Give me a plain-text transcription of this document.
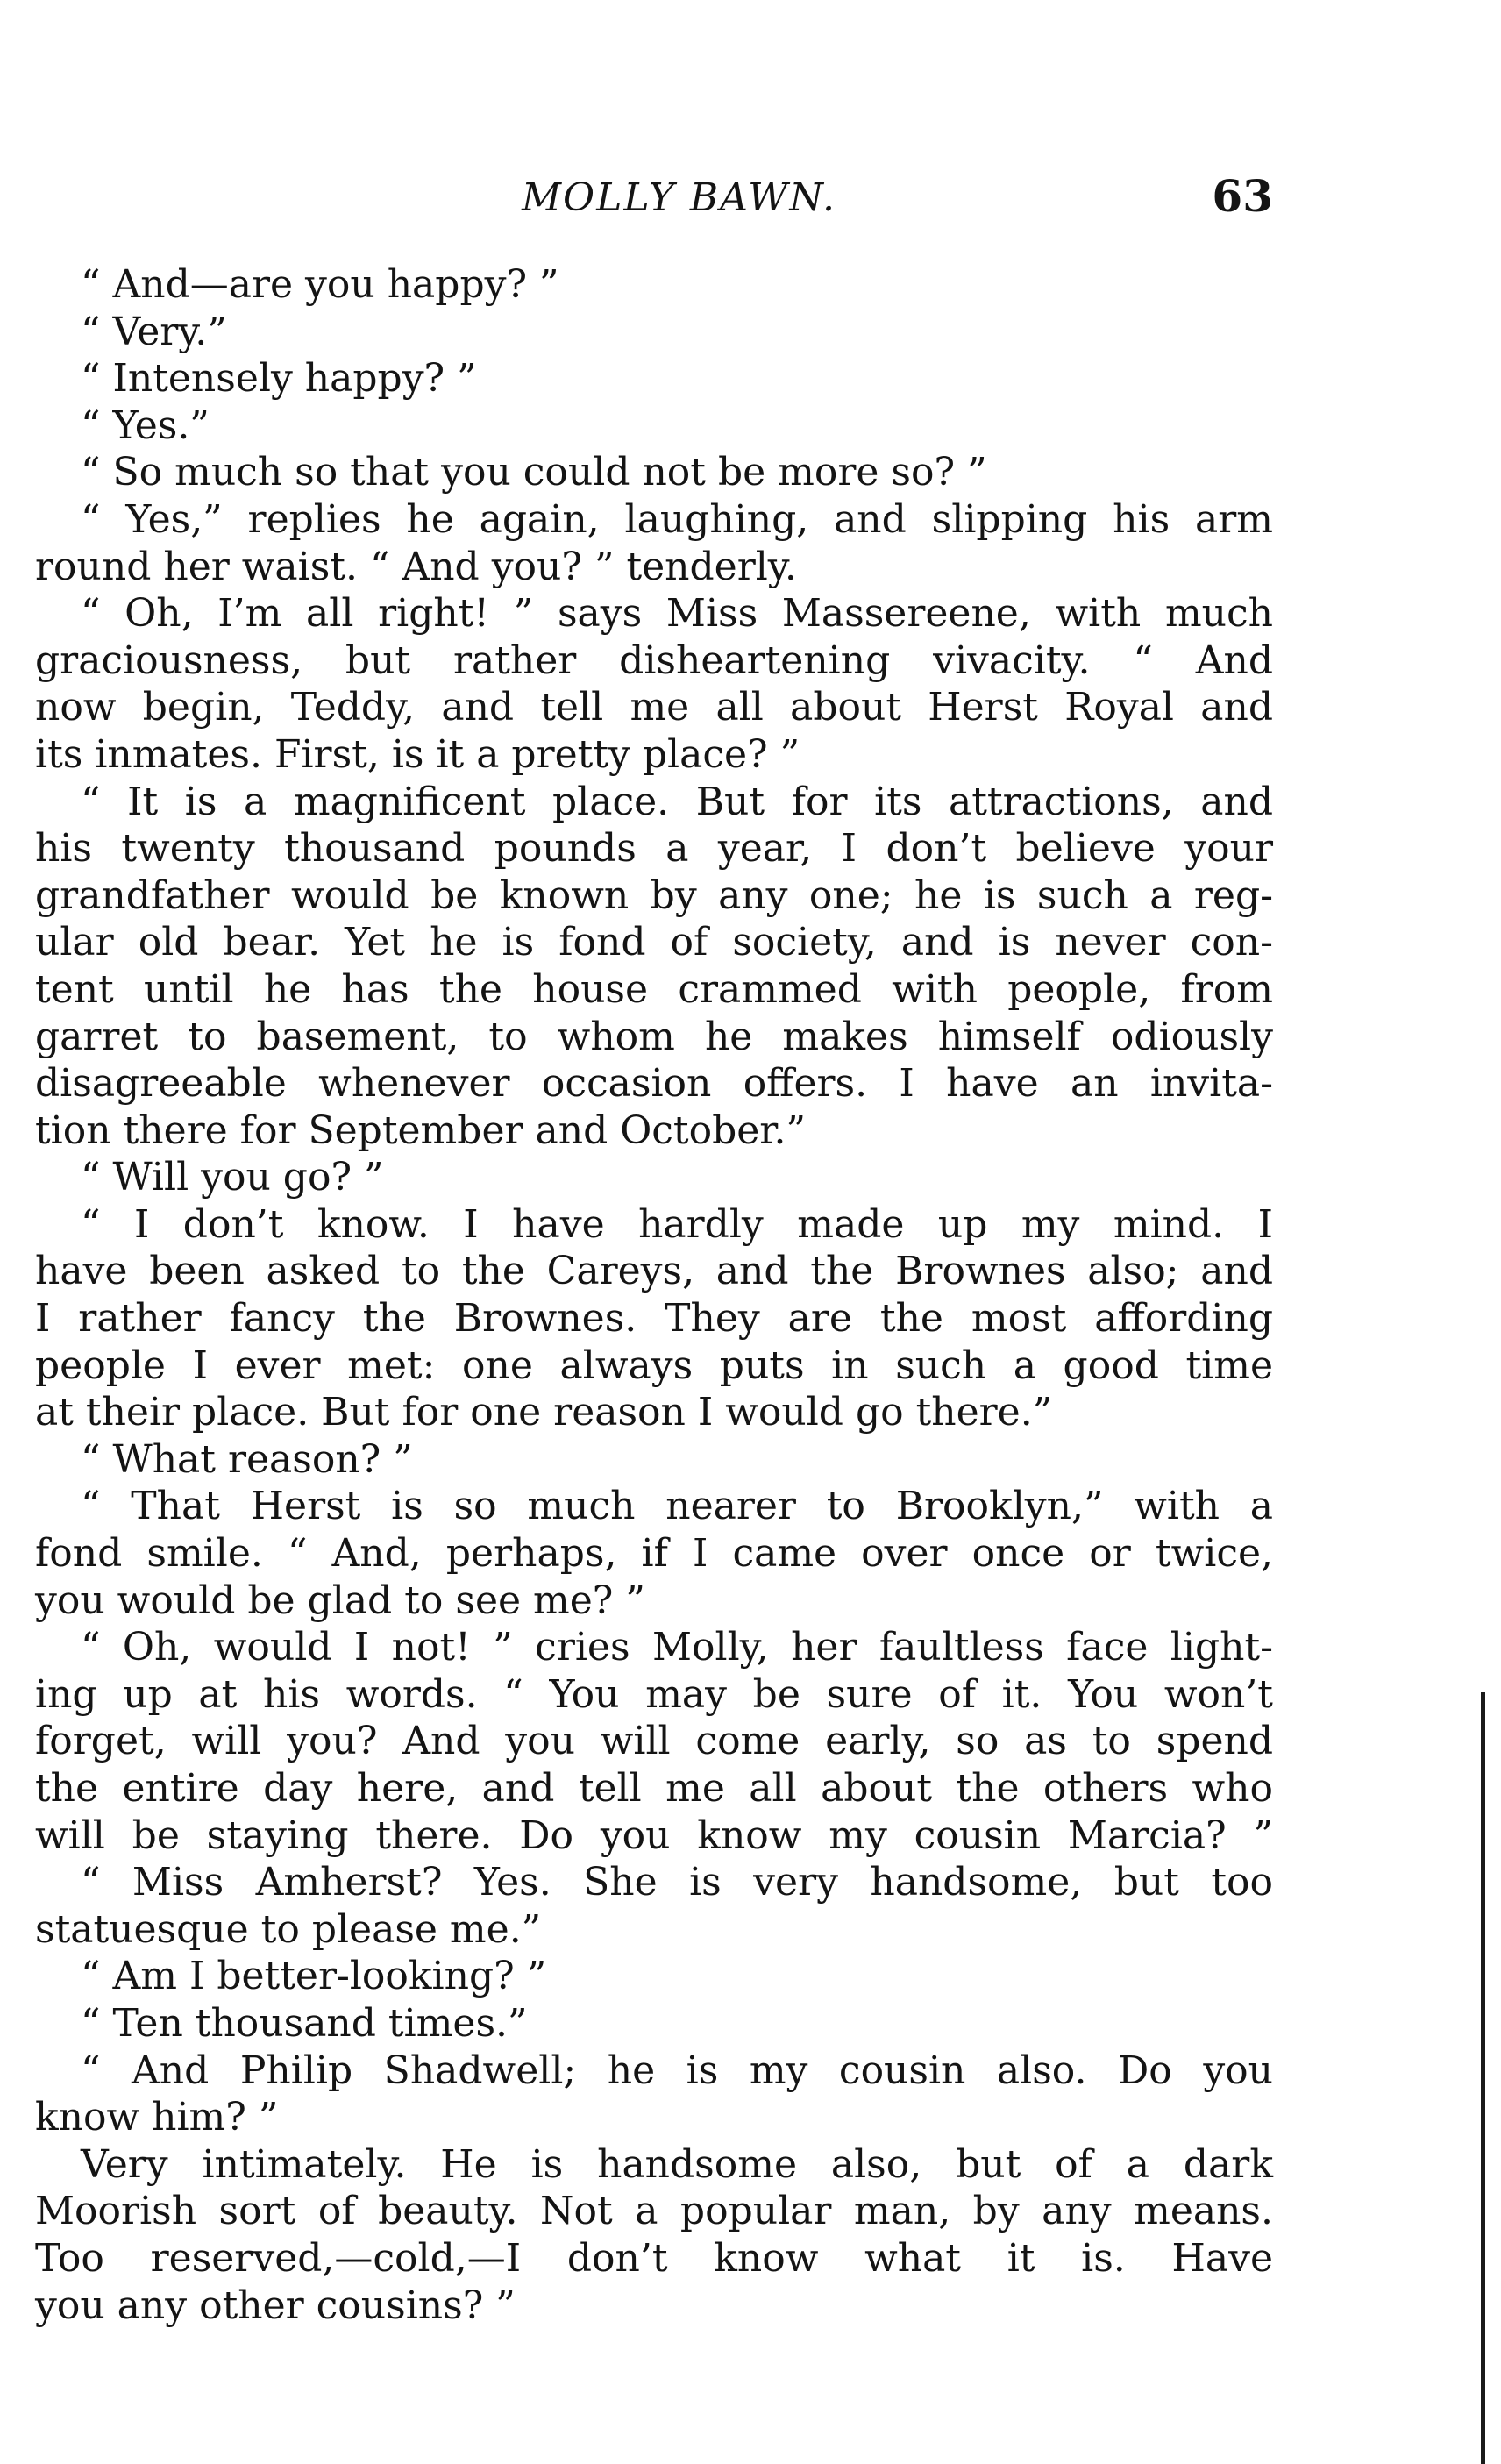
MOLLY BAWN.	63
“ And—are you happy? ”
“ Very.”
“ Intensely happy? ”
“ Yes.”
“ So much so that you could not be more so? ”
“ Yes,” replies he again, laughing, and slipping his arm
round her waist. “ And you? ” tenderly.
“ Oh, I’m all right! ” says Miss Massereene, with much
graciousness, but rather disheartening vivacity. “ And
now begin, Teddy, and tell me all about Herst Royal and
its inmates. First, is it a pretty place? ”
“ It is a magnificent place. But for its attractions, and
his twenty thousand pounds a year, I don’t believe your
grandfather would be known by any one; he is such a reg-
ular old bear. Yet he is fond of society, and is never con-
tent until he has the house crammed with people, from
garret to basement, to whom he makes himself odiously
disagreeable whenever occasion offers. I have an invita-
tion there for September and October.”
“ Will you go? ”
“ I don’t know. I have hardly made up my mind. I
have been asked to the Careys, and the Brownes also; and
I rather fancy the Brownes. They are the most affording
people I ever met: one always puts in such a good time
at their place. But for one reason I would go there.”
“ What reason? ”
“ That Herst is so much nearer to Brooklyn,” with a
fond smile. “ And, perhaps, if I came over once or twice,
you would be glad to see me? ”
“ Oh, would I not! ” cries Molly, her faultless face light-
ing up at his words. “ You may be sure of it. You won’t
forget, will you? And you will come early, so as to spend
the entire day here, and tell me all about the others who
will be staying there. Do you know my cousin Marcia? ”
“ Miss Amherst? Yes. She is very handsome, but too
statuesque to please me.”
“ Am I better-looking? ”
“ Ten thousand times.”
“ And Philip Shadwell; he is my cousin also. Do you
know him? ”
Very intimately. He is handsome also, but of a dark
Moorish sort of beauty. Not a popular man, by any means.
Too reserved,—cold,—I don’t know what it is. Have
you any other cousins? ”
